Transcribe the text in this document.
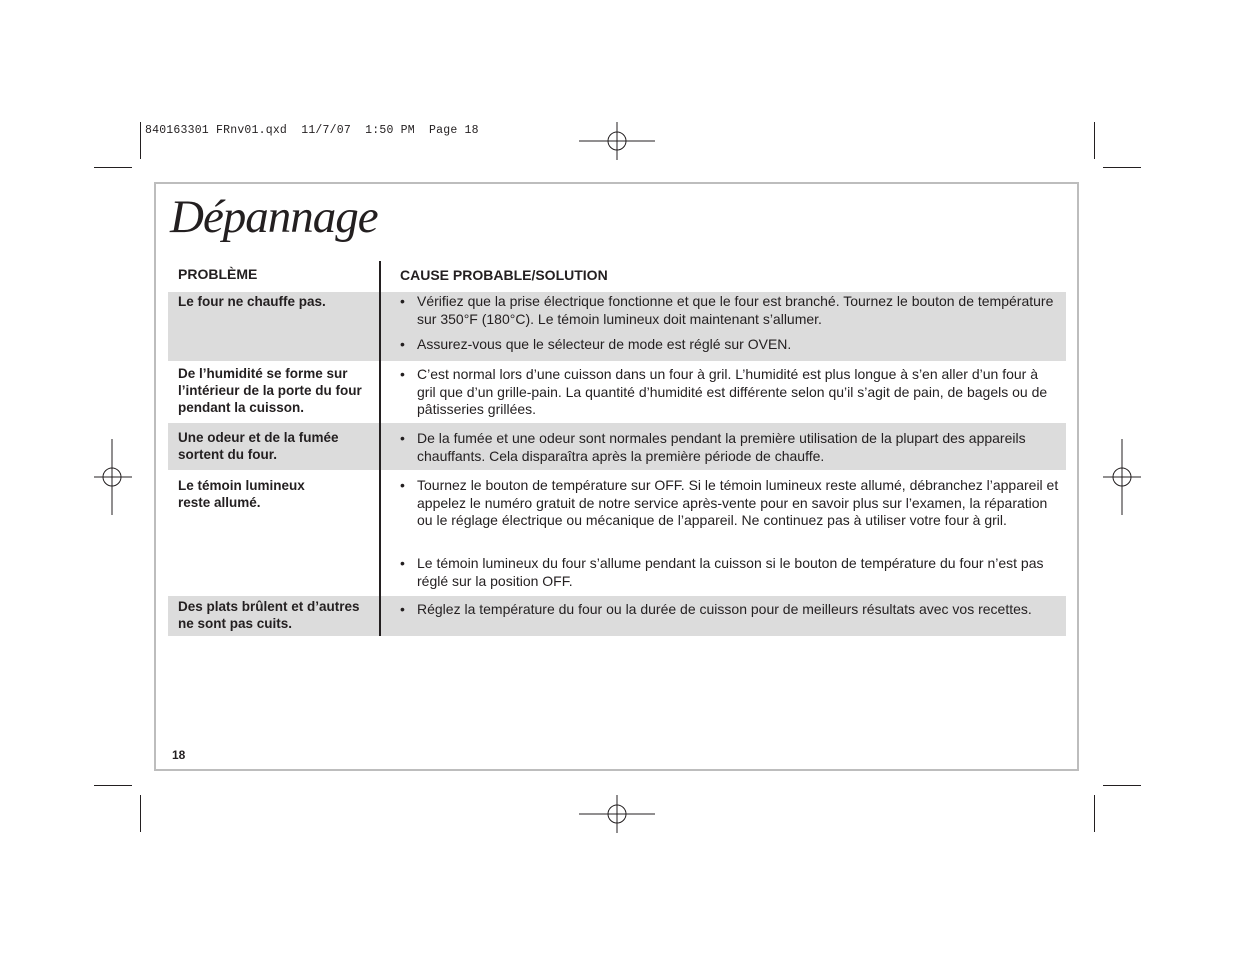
840163301 FRnv01.qxd  11/7/07  1:50 PM  Page 18
Dépannage
PROBLÈME	CAUSE PROBABLE/SOLUTION
Le four ne chauffe pas.	• Vérifiez que la prise électrique fonctionne et que le four est branché. Tournez le bouton de température sur 350°F (180°C). Le témoin lumineux doit maintenant s’allumer.
• Assurez-vous que le sélecteur de mode est réglé sur OVEN.
De l’humidité se forme sur l’intérieur de la porte du four pendant la cuisson.
• C’est normal lors d’une cuisson dans un four à gril. L’humidité est plus longue à s’en aller d’un four à gril que d’un grille-pain. La quantité d’humidité est différente selon qu’il s’agit de pain, de bagels ou de pâtisseries grillées.
Une odeur et de la fumée sortent du four.
• De la fumée et une odeur sont normales pendant la première utilisation de la plupart des appareils chauffants. Cela disparaîtra après la première période de chauffe.
Le témoin lumineux reste allumé.
• Tournez le bouton de température sur OFF. Si le témoin lumineux reste allumé, débranchez l’appareil et appelez le numéro gratuit de notre service après-vente pour en savoir plus sur l’examen, la réparation ou le réglage électrique ou mécanique de l’appareil. Ne continuez pas à utiliser votre four à gril.
• Le témoin lumineux du four s’allume pendant la cuisson si le bouton de température du four n’est pas réglé sur la position OFF.
Des plats brûlent et d’autres ne sont pas cuits.
• Réglez la température du four ou la durée de cuisson pour de meilleurs résultats avec vos recettes.
18
